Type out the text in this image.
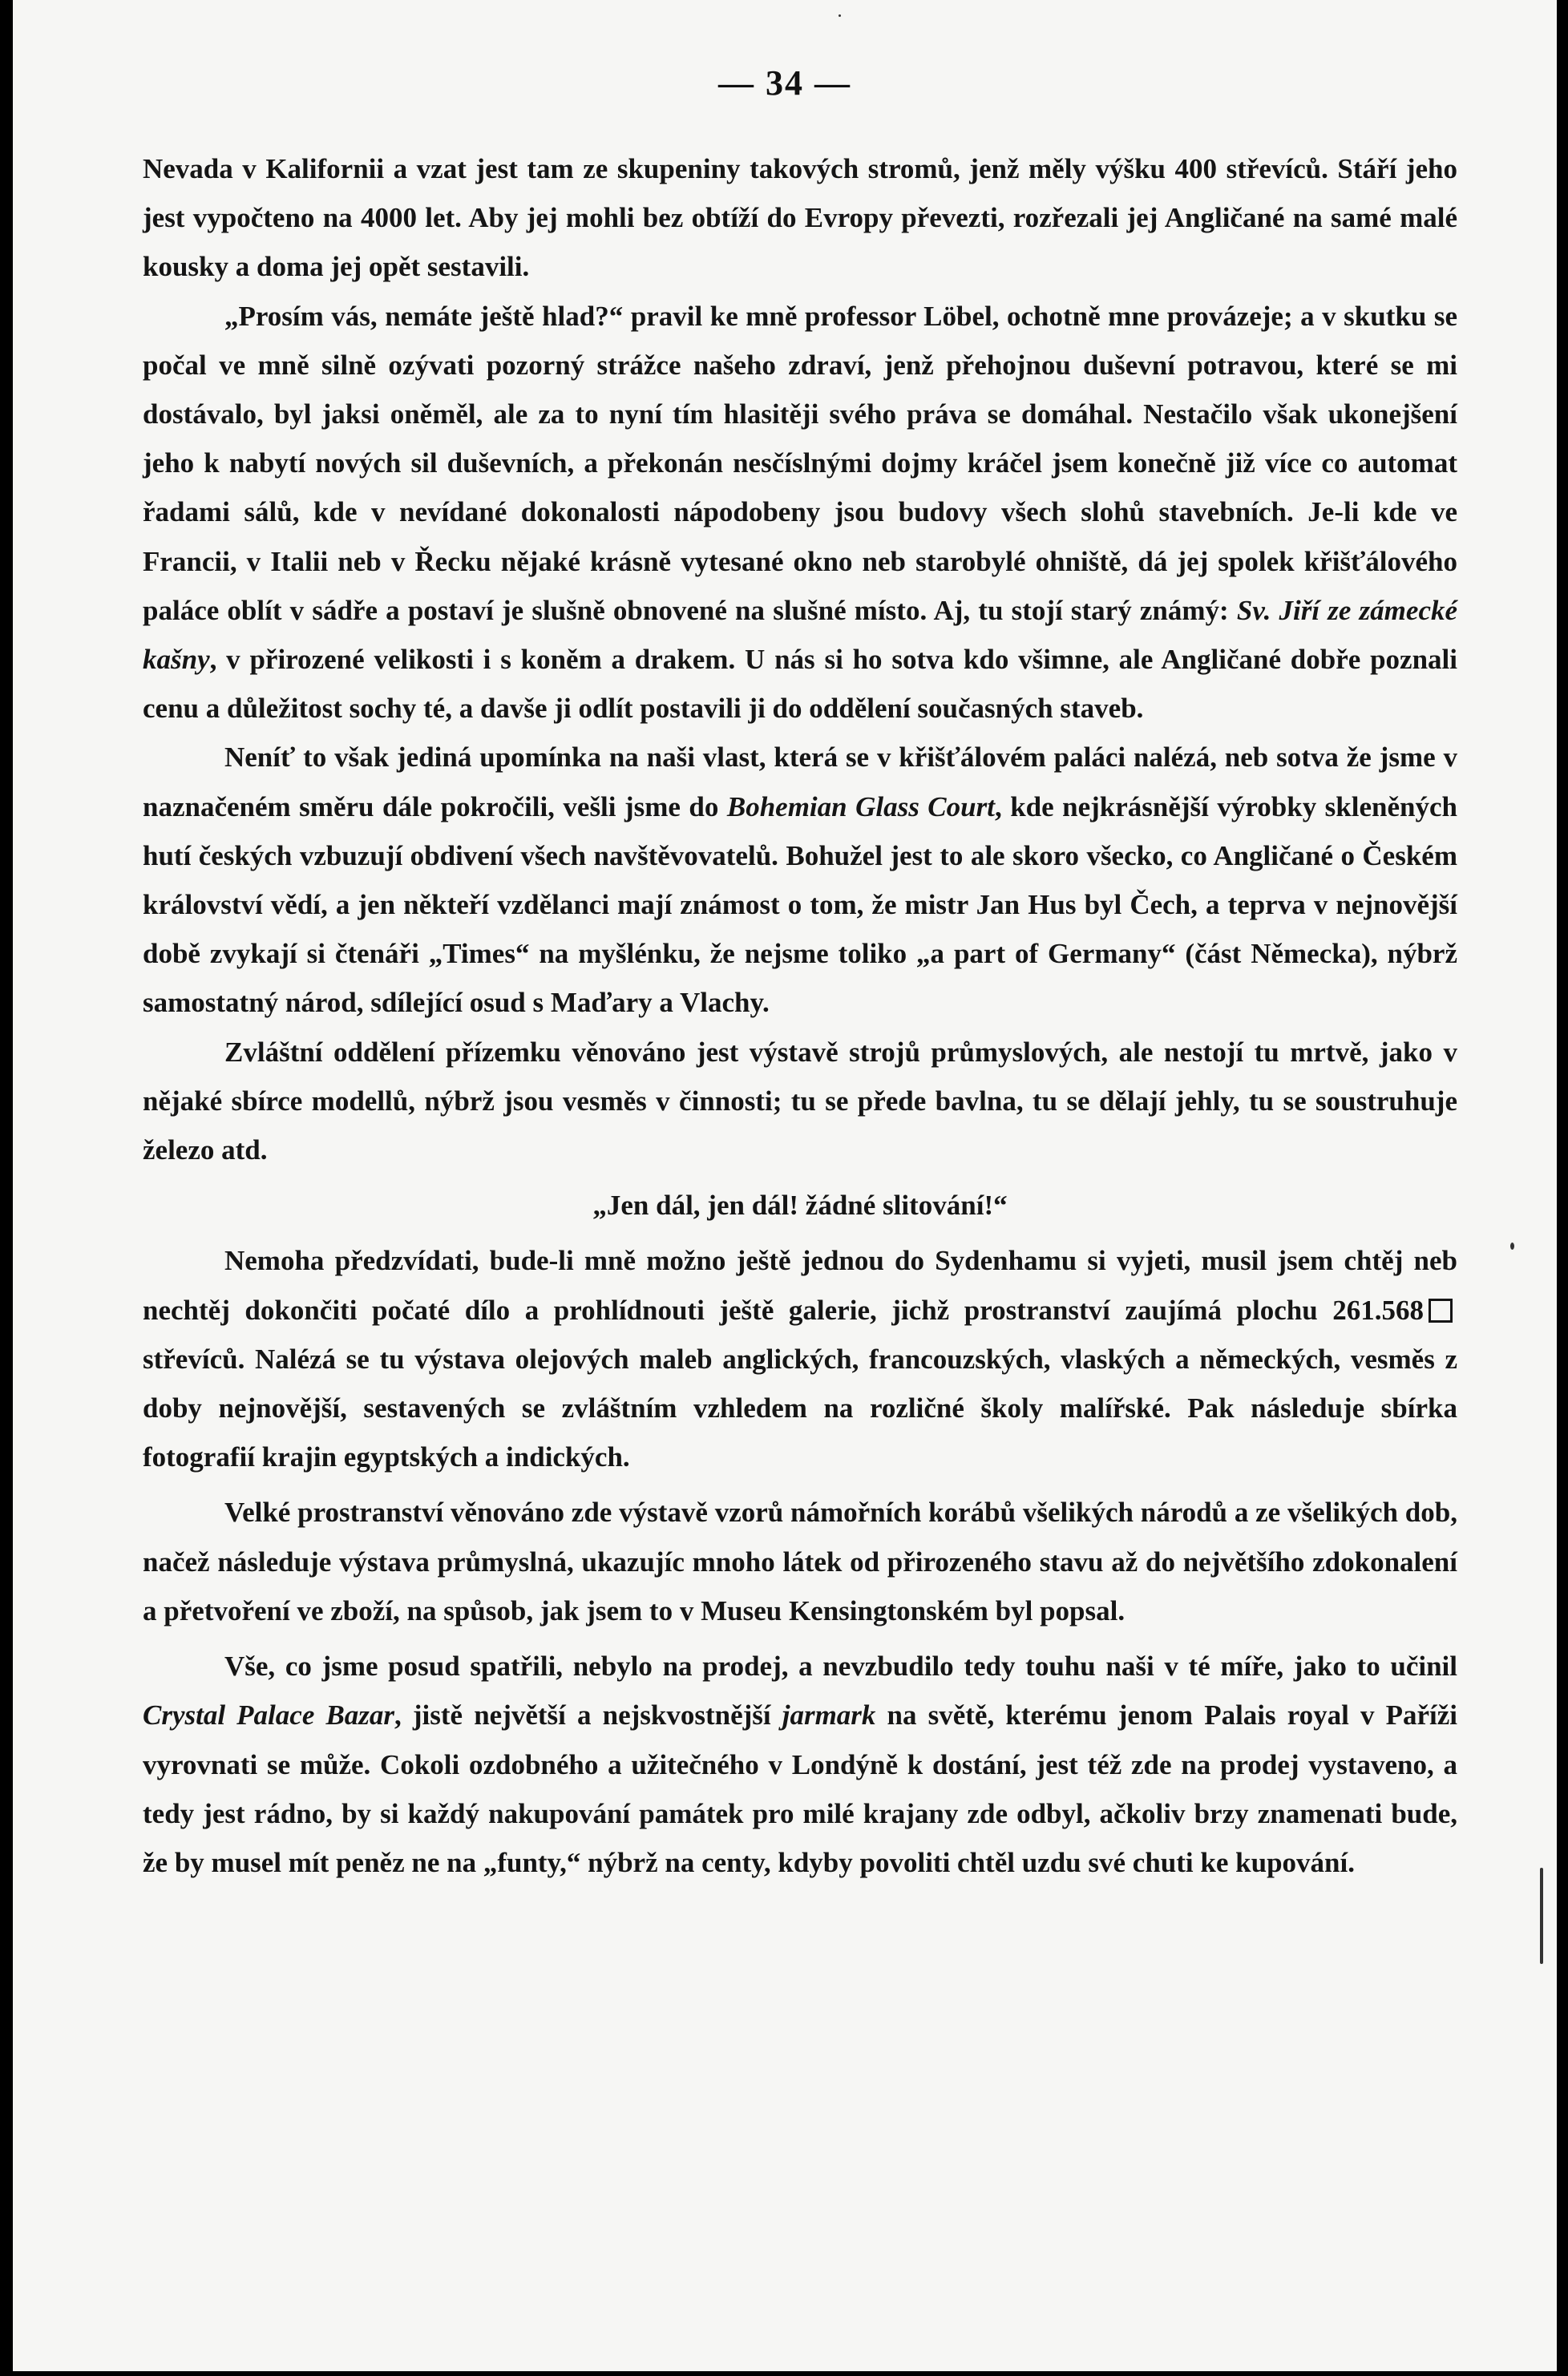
— 34 —

Nevada v Kalifornii a vzat jest tam ze skupeniny takových stromů, jenž měly výšku 400 střevíců. Stáří jeho jest vypočteno na 4000 let. Aby jej mohli bez obtíží do Evropy převezti, rozřezali jej Angličané na samé malé kousky a doma jej opět sestavili.

„Prosím vás, nemáte ještě hlad?“ pravil ke mně professor Löbel, ochotně mne provázeje; a v skutku se počal ve mně silně ozývati pozorný strážce našeho zdraví, jenž přehojnou duševní potravou, které se mi dostávalo, byl jaksi oněměl, ale za to nyní tím hlasitěji svého práva se domáhal. Nestačilo však ukonejšení jeho k nabytí nových sil duševních, a překonán nesčíslnými dojmy kráčel jsem konečně již více co automat řadami sálů, kde v nevídané dokonalosti nápodobeny jsou budovy všech slohů stavebních. Je-li kde ve Francii, v Italii neb v Řecku nějaké krásně vytesané okno neb starobylé ohniště, dá jej spolek křišťálového paláce oblít v sádře a postaví je slušně obnovené na slušné místo. Aj, tu stojí starý známý: Sv. Jiří ze zámecké kašny, v přirozené velikosti i s koněm a drakem. U nás si ho sotva kdo všimne, ale Angličané dobře poznali cenu a důležitost sochy té, a davše ji odlít postavili ji do oddělení současných staveb.

Neníť to však jediná upomínka na naši vlast, která se v křišťálovém paláci nalézá, neb sotva že jsme v naznačeném směru dále pokročili, vešli jsme do Bohemian Glass Court, kde nejkrásnější výrobky skleněných hutí českých vzbuzují obdivení všech navštěvovatelů. Bohužel jest to ale skoro všecko, co Angličané o Českém království vědí, a jen někteří vzdělanci mají známost o tom, že mistr Jan Hus byl Čech, a teprva v nejnovější době zvykají si čtenáři „Times“ na myšlénku, že nejsme toliko „a part of Germany“ (část Německa), nýbrž samostatný národ, sdílející osud s Maďary a Vlachy.

Zvláštní oddělení přízemku věnováno jest výstavě strojů průmyslových, ale nestojí tu mrtvě, jako v nějaké sbírce modellů, nýbrž jsou vesměs v činnosti; tu se přede bavlna, tu se dělají jehly, tu se soustruhuje železo atd.

„Jen dál, jen dál! žádné slitování!“

Nemoha předzvídati, bude-li mně možno ještě jednou do Sydenhamu si vyjeti, musil jsem chtěj neb nechtěj dokončiti počaté dílo a prohlídnouti ještě galerie, jichž prostranství zaujímá plochu 261.568střevíců. Nalézá se tu výstava olejových maleb anglických, francouzských, vlaských a německých, vesměs z doby nejnovější, sestavených se zvláštním vzhledem na rozličné školy malířské. Pak následuje sbírka fotografií krajin egyptských a indických.

Velké prostranství věnováno zde výstavě vzorů námořních korábů všelikých národů a ze všelikých dob, načež následuje výstava průmyslná, ukazujíc mnoho látek od přirozeného stavu až do největšího zdokonalení a přetvoření ve zboží, na spůsob, jak jsem to v Museu Kensingtonském byl popsal.

Vše, co jsme posud spatřili, nebylo na prodej, a nevzbudilo tedy touhu naši v té míře, jako to učinil Crystal Palace Bazar, jistě největší a nejskvostnější jarmark na světě, kterému jenom Palais royal v Paříži vyrovnati se může. Cokoli ozdobného a užitečného v Londýně k dostání, jest též zde na prodej vystaveno, a tedy jest rádno, by si každý nakupování památek pro milé krajany zde odbyl, ačkoliv brzy znamenati bude, že by musel mít peněz ne na „funty,“ nýbrž na centy, kdyby povoliti chtěl uzdu své chuti ke kupování.
